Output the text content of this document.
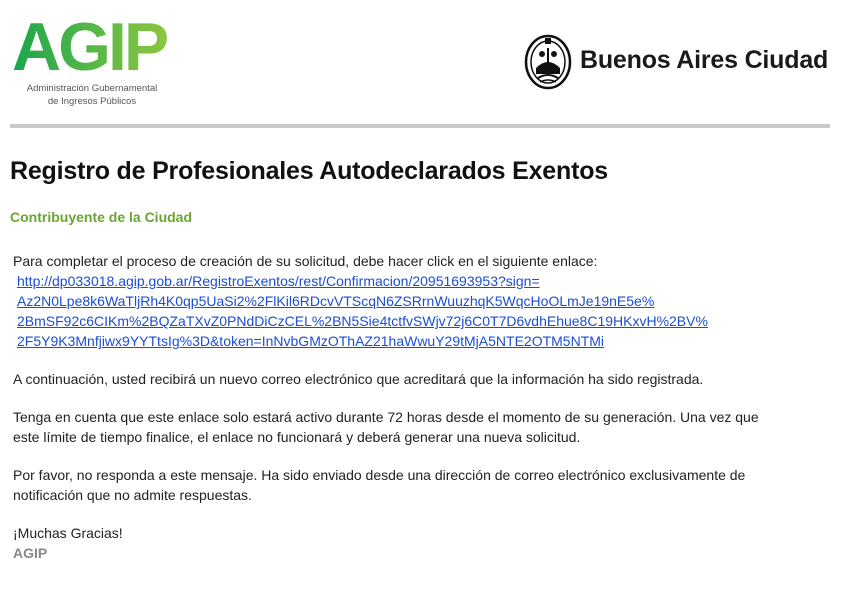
AGIP
Administración Gubernamental
de Ingresos Públicos
Buenos Aires Ciudad
Registro de Profesionales Autodeclarados Exentos
Contribuyente de la Ciudad

Para completar el proceso de creación de su solicitud, debe hacer click en el siguiente enlace:

http://dp033018.agip.gob.ar/RegistroExentos/rest/Confirmacion/20951693953?sign=
Az2N0Lpe8k6WaTljRh4K0qp5UaSi2%2FlKil6RDcvVTScqN6ZSRrnWuuzhqK5WqcHoOLmJe19nE5e%
2BmSF92c6CIKm%2BQZaTXvZ0PNdDiCzCEL%2BN5Sie4tctfvSWjv72j6C0T7D6vdhEhue8C19HKxvH%2BV%
2F5Y9K3Mnfjiwx9YYTtsIg%3D&token=InNvbGMzOThAZ21haWwuY29tMjA5NTE2OTM5NTMi

A continuación, usted recibirá un nuevo correo electrónico que acreditará que la información ha sido registrada.

Tenga en cuenta que este enlace solo estará activo durante 72 horas desde el momento de su generación. Una vez que

este límite de tiempo finalice, el enlace no funcionará y deberá generar una nueva solicitud.

Por favor, no responda a este mensaje. Ha sido enviado desde una dirección de correo electrónico exclusivamente de

notificación que no admite respuestas.

¡Muchas Gracias!

AGIP
